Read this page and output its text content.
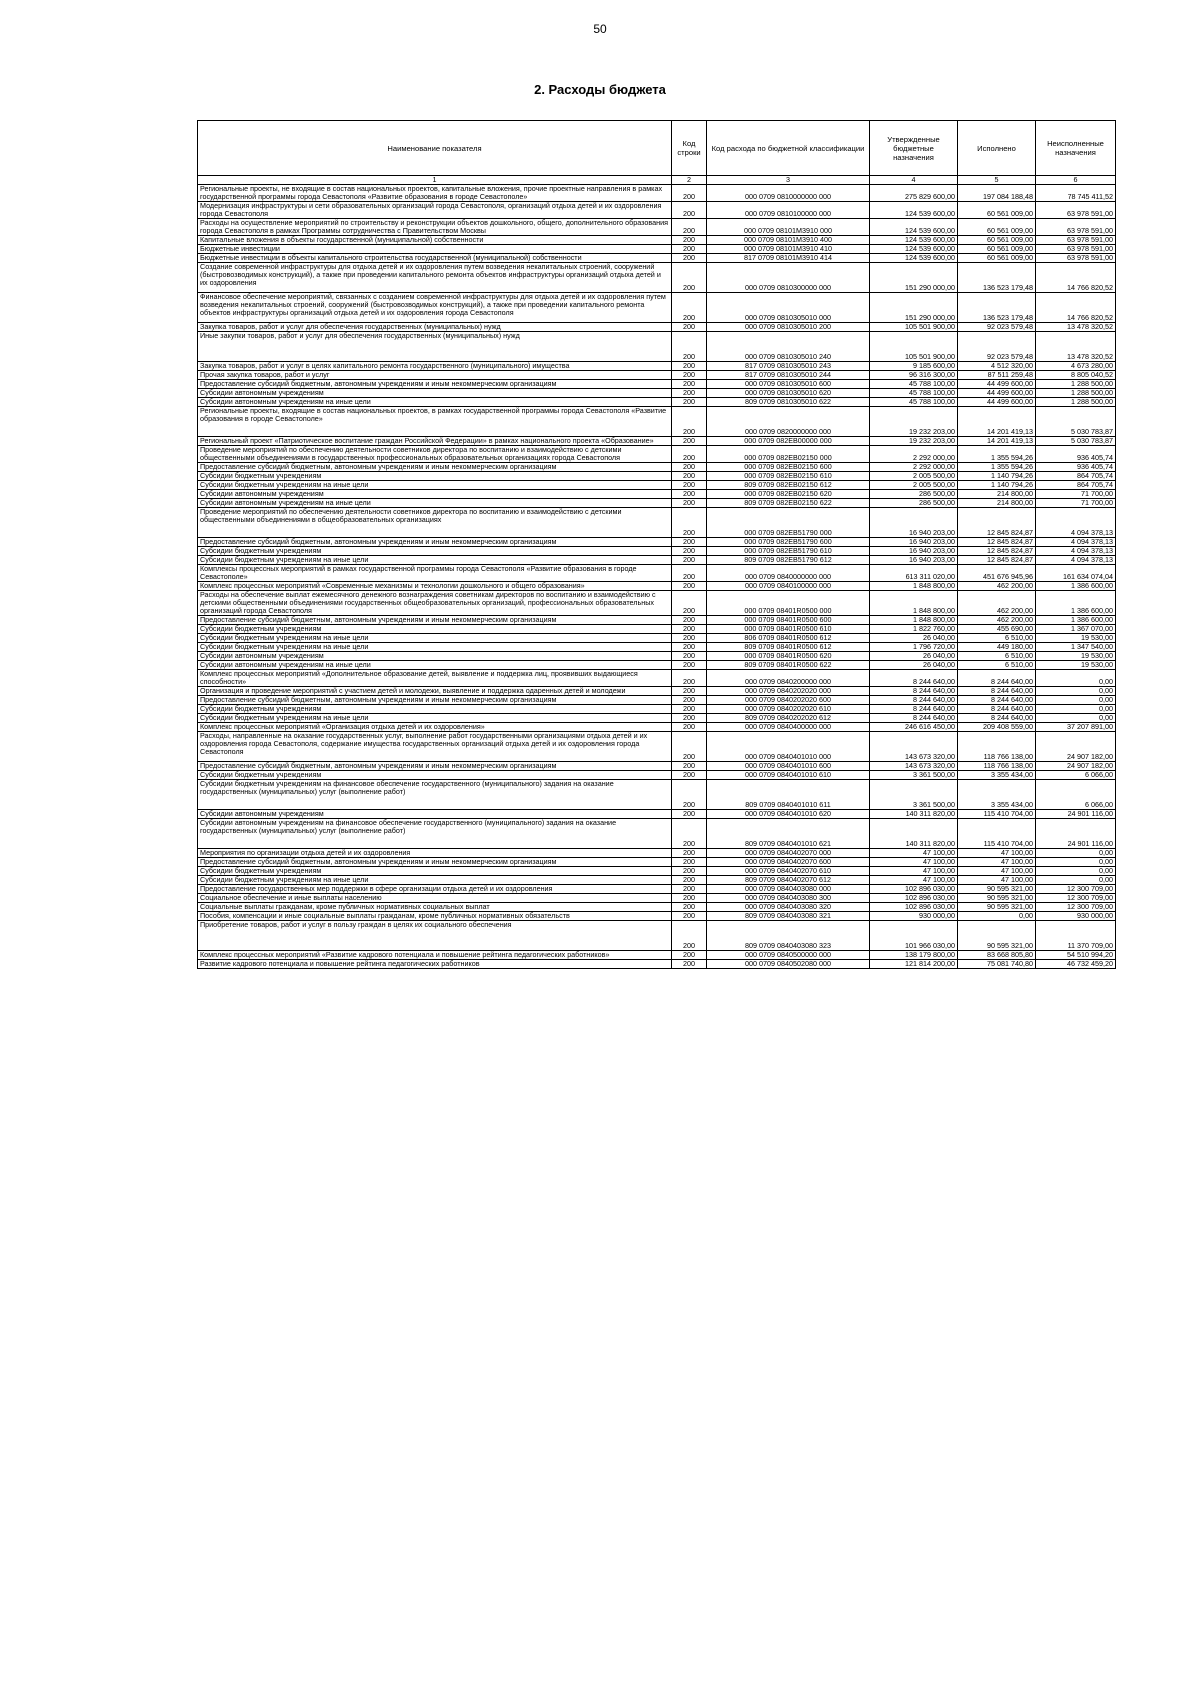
50
2. Расходы бюджета
Наименование показателя	Код строки	Код расхода по бюджетной классификации	Утвержденные бюджетные назначения	Исполнено	Неисполненные назначения
1	2	3	4	5	6
Региональные проекты, не входящие в состав национальных проектов, капитальные вложения, прочие проектные направления в рамках государственной программы города Севастополя «Развитие образования в городе Севастополе»	200	000 0709 0810000000 000	275 829 600,00	197 084 188,48	78 745 411,52
Модернизация инфраструктуры и сети образовательных организаций города Севастополя, организаций отдыха детей и их оздоровления города Севастополя	200	000 0709 0810100000 000	124 539 600,00	60 561 009,00	63 978 591,00
Расходы на осуществление мероприятий по строительству и реконструкции объектов дошкольного, общего, дополнительного образования города Севастополя в рамках Программы сотрудничества с Правительством Москвы	200	000 0709 08101М3910 000	124 539 600,00	60 561 009,00	63 978 591,00
Капитальные вложения в объекты государственной (муниципальной) собственности	200	000 0709 08101М3910 400	124 539 600,00	60 561 009,00	63 978 591,00
Бюджетные инвестиции	200	000 0709 08101М3910 410	124 539 600,00	60 561 009,00	63 978 591,00
Бюджетные инвестиции в объекты капитального строительства государственной (муниципальной) собственности	200	817 0709 08101М3910 414	124 539 600,00	60 561 009,00	63 978 591,00
Создание современной инфраструктуры для отдыха детей и их оздоровления путем возведения некапитальных строений, сооружений (быстровозводимых конструкций), а также при проведении капитального ремонта объектов инфраструктуры организаций отдыха детей и их оздоровления	200	000 0709 0810300000 000	151 290 000,00	136 523 179,48	14 766 820,52
Финансовое обеспечение мероприятий, связанных с созданием современной инфраструктуры для отдыха детей и их оздоровления путем возведения некапитальных строений, сооружений (быстровозводимых конструкций), а также при проведении капитального ремонта объектов инфраструктуры организаций отдыха детей и их оздоровления города Севастополя	200	000 0709 0810305010 000	151 290 000,00	136 523 179,48	14 766 820,52
Закупка товаров, работ и услуг для обеспечения государственных (муниципальных) нужд	200	000 0709 0810305010 200	105 501 900,00	92 023 579,48	13 478 320,52
Иные закупки товаров, работ и услуг для обеспечения государственных (муниципальных) нужд	200	000 0709 0810305010 240	105 501 900,00	92 023 579,48	13 478 320,52
Закупка товаров, работ и услуг в целях капитального ремонта государственного (муниципального) имущества	200	817 0709 0810305010 243	9 185 600,00	4 512 320,00	4 673 280,00
Прочая закупка товаров, работ и услуг	200	817 0709 0810305010 244	96 316 300,00	87 511 259,48	8 805 040,52
Предоставление субсидий бюджетным, автономным учреждениям и иным некоммерческим организациям	200	000 0709 0810305010 600	45 788 100,00	44 499 600,00	1 288 500,00
Субсидии автономным учреждениям	200	000 0709 0810305010 620	45 788 100,00	44 499 600,00	1 288 500,00
Субсидии автономным учреждениям на иные цели	200	809 0709 0810305010 622	45 788 100,00	44 499 600,00	1 288 500,00
Региональные проекты, входящие в состав национальных проектов, в рамках государственной программы города Севастополя «Развитие образования в городе Севастополе»	200	000 0709 0820000000 000	19 232 203,00	14 201 419,13	5 030 783,87
Региональный проект «Патриотическое воспитание граждан Российской Федерации» в рамках национального проекта «Образование»	200	000 0709 082EВ00000 000	19 232 203,00	14 201 419,13	5 030 783,87
Проведение мероприятий по обеспечению деятельности советников директора по воспитанию и взаимодействию с детскими общественными объединениями в государственных профессиональных образовательных организациях города Севастополя	200	000 0709 082ЕВ02150 000	2 292 000,00	1 355 594,26	936 405,74
Предоставление субсидий бюджетным, автономным учреждениям и иным некоммерческим организациям	200	000 0709 082ЕВ02150 600	2 292 000,00	1 355 594,26	936 405,74
Субсидии бюджетным учреждениям	200	000 0709 082ЕВ02150 610	2 005 500,00	1 140 794,26	864 705,74
Субсидии бюджетным учреждениям на иные цели	200	809 0709 082ЕВ02150 612	2 005 500,00	1 140 794,26	864 705,74
Субсидии автономным учреждениям	200	000 0709 082ЕВ02150 620	286 500,00	214 800,00	71 700,00
Субсидии автономным учреждениям на иные цели	200	809 0709 082ЕВ02150 622	286 500,00	214 800,00	71 700,00
Проведение мероприятий по обеспечению деятельности советников директора по воспитанию и взаимодействию с детскими общественными объединениями в общеобразовательных организациях	200	000 0709 082ЕВ51790 000	16 940 203,00	12 845 824,87	4 094 378,13
Предоставление субсидий бюджетным, автономным учреждениям и иным некоммерческим организациям	200	000 0709 082ЕВ51790 600	16 940 203,00	12 845 824,87	4 094 378,13
Субсидии бюджетным учреждениям	200	000 0709 082ЕВ51790 610	16 940 203,00	12 845 824,87	4 094 378,13
Субсидии бюджетным учреждениям на иные цели	200	809 0709 082ЕВ51790 612	16 940 203,00	12 845 824,87	4 094 378,13
Комплексы процессных мероприятий в рамках государственной программы города Севастополя «Развитие образования в городе Севастополе»	200	000 0709 0840000000 000	613 311 020,00	451 676 945,96	161 634 074,04
Комплекс процессных мероприятий «Современные механизмы и технологии дошкольного и общего образования»	200	000 0709 0840100000 000	1 848 800,00	462 200,00	1 386 600,00
Расходы на обеспечение выплат ежемесячного денежного вознаграждения советникам директоров по воспитанию и взаимодействию с детскими общественными объединениями государственных общеобразовательных организаций, профессиональных образовательных организаций города Севастополя	200	000 0709 08401R0500 000	1 848 800,00	462 200,00	1 386 600,00
Предоставление субсидий бюджетным, автономным учреждениям и иным некоммерческим организациям	200	000 0709 08401R0500 600	1 848 800,00	462 200,00	1 386 600,00
Субсидии бюджетным учреждениям	200	000 0709 08401R0500 610	1 822 760,00	455 690,00	1 367 070,00
Субсидии бюджетным учреждениям на иные цели	200	806 0709 08401R0500 612	26 040,00	6 510,00	19 530,00
Субсидии бюджетным учреждениям на иные цели	200	809 0709 08401R0500 612	1 796 720,00	449 180,00	1 347 540,00
Субсидии автономным учреждениям	200	000 0709 08401R0500 620	26 040,00	6 510,00	19 530,00
Субсидии автономным учреждениям на иные цели	200	809 0709 08401R0500 622	26 040,00	6 510,00	19 530,00
Комплекс процессных мероприятий «Дополнительное образование детей, выявление и поддержка лиц, проявивших выдающиеся способности»	200	000 0709 0840200000 000	8 244 640,00	8 244 640,00	0,00
Организация и проведение мероприятий с участием детей и молодежи, выявление и поддержка одаренных детей и молодежи	200	000 0709 0840202020 000	8 244 640,00	8 244 640,00	0,00
Предоставление субсидий бюджетным, автономным учреждениям и иным некоммерческим организациям	200	000 0709 0840202020 600	8 244 640,00	8 244 640,00	0,00
Субсидии бюджетным учреждениям	200	000 0709 0840202020 610	8 244 640,00	8 244 640,00	0,00
Субсидии бюджетным учреждениям на иные цели	200	809 0709 0840202020 612	8 244 640,00	8 244 640,00	0,00
Комплекс процессных мероприятий «Организация отдыха детей и их оздоровления»	200	000 0709 0840400000 000	246 616 450,00	209 408 559,00	37 207 891,00
Расходы, направленные на оказание государственных услуг, выполнение работ государственными организациями отдыха детей и их оздоровления города Севастополя, содержание имущества государственных организаций отдыха детей и их оздоровления города Севастополя	200	000 0709 0840401010 000	143 673 320,00	118 766 138,00	24 907 182,00
Предоставление субсидий бюджетным, автономным учреждениям и иным некоммерческим организациям	200	000 0709 0840401010 600	143 673 320,00	118 766 138,00	24 907 182,00
Субсидии бюджетным учреждениям	200	000 0709 0840401010 610	3 361 500,00	3 355 434,00	6 066,00
Субсидии бюджетным учреждениям на финансовое обеспечение государственного (муниципального) задания на оказание государственных (муниципальных) услуг (выполнение работ)	200	809 0709 0840401010 611	3 361 500,00	3 355 434,00	6 066,00
Субсидии автономным учреждениям	200	000 0709 0840401010 620	140 311 820,00	115 410 704,00	24 901 116,00
Субсидии автономным учреждениям на финансовое обеспечение государственного (муниципального) задания на оказание государственных (муниципальных) услуг (выполнение работ)	200	809 0709 0840401010 621	140 311 820,00	115 410 704,00	24 901 116,00
Мероприятия по организации отдыха детей и их оздоровления	200	000 0709 0840402070 000	47 100,00	47 100,00	0,00
Предоставление субсидий бюджетным, автономным учреждениям и иным некоммерческим организациям	200	000 0709 0840402070 600	47 100,00	47 100,00	0,00
Субсидии бюджетным учреждениям	200	000 0709 0840402070 610	47 100,00	47 100,00	0,00
Субсидии бюджетным учреждениям на иные цели	200	809 0709 0840402070 612	47 100,00	47 100,00	0,00
Предоставление государственных мер поддержки в сфере организации отдыха детей и их оздоровления	200	000 0709 0840403080 000	102 896 030,00	90 595 321,00	12 300 709,00
Социальное обеспечение и иные выплаты населению	200	000 0709 0840403080 300	102 896 030,00	90 595 321,00	12 300 709,00
Социальные выплаты гражданам, кроме публичных нормативных социальных выплат	200	000 0709 0840403080 320	102 896 030,00	90 595 321,00	12 300 709,00
Пособия, компенсации и иные социальные выплаты гражданам, кроме публичных нормативных обязательств	200	809 0709 0840403080 321	930 000,00	0,00	930 000,00
Приобретение товаров, работ и услуг в пользу граждан в целях их социального обеспечения	200	809 0709 0840403080 323	101 966 030,00	90 595 321,00	11 370 709,00
Комплекс процессных мероприятий «Развитие кадрового потенциала и повышение рейтинга педагогических работников»	200	000 0709 0840500000 000	138 179 800,00	83 668 805,80	54 510 994,20
Развитие кадрового потенциала и повышение рейтинга педагогических работников	200	000 0709 0840502080 000	121 814 200,00	75 081 740,80	46 732 459,20
